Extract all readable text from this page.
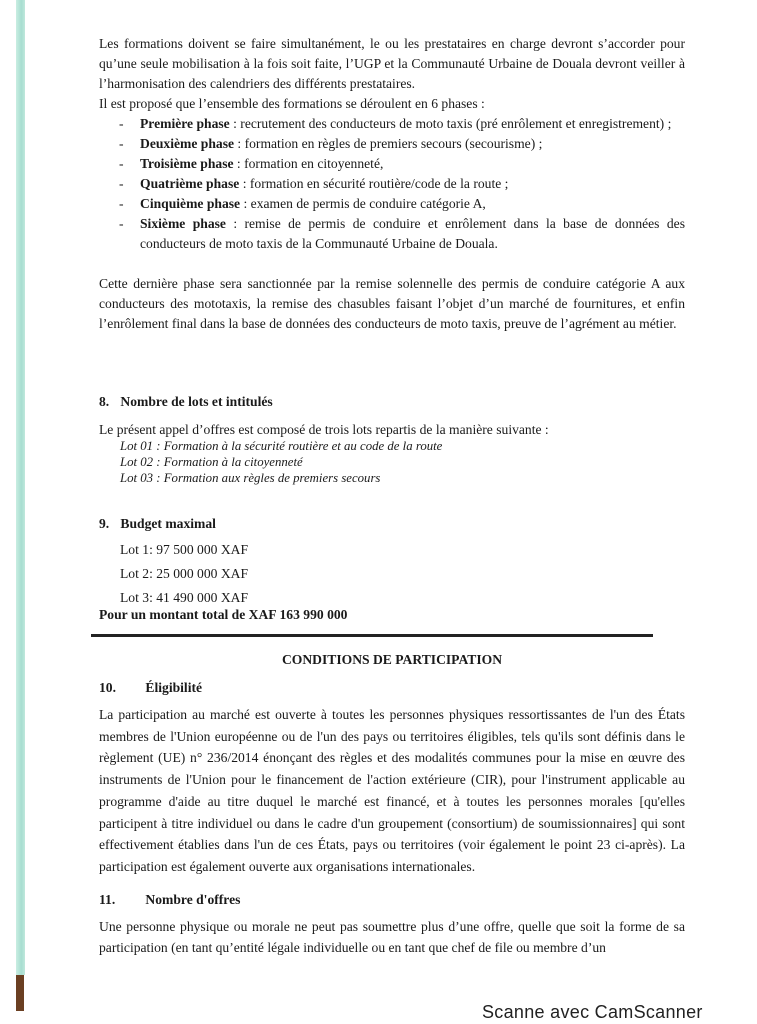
Les formations doivent se faire simultanément, le ou les prestataires en charge devront s’accorder pour qu’une seule mobilisation à la fois soit faite, l’UGP et la Communauté Urbaine de Douala devront veiller à l’harmonisation des calendriers des différents prestataires.

Il est proposé que l’ensemble des formations se déroulent en 6 phases :

- Première phase : recrutement des conducteurs de moto taxis (pré enrôlement et enregistrement) ;
- Deuxième phase : formation en règles de premiers secours (secourisme) ;
- Troisième phase : formation en citoyenneté,
- Quatrième phase : formation en sécurité routière/code de la route ;
- Cinquième phase : examen de permis de conduire catégorie A,
- Sixième phase : remise de permis de conduire et enrôlement dans la base de données des conducteurs de moto taxis de la Communauté Urbaine de Douala.

Cette dernière phase sera sanctionnée par la remise solennelle des permis de conduire catégorie A aux conducteurs des mototaxis, la remise des chasubles faisant l’objet d’un marché de fournitures, et enfin l’enrôlement final dans la base de données des conducteurs de moto taxis, preuve de l’agrément au métier.

8. Nombre de lots et intitulés

Le présent appel d’offres est composé de trois lots repartis de la manière suivante :

Lot 01 : Formation à la sécurité routière et au code de la route
Lot 02 : Formation à la citoyenneté
Lot 03 : Formation aux règles de premiers secours
9. Budget maximal
Lot 1: 97 500 000 XAF
Lot 2: 25 000 000 XAF
Lot 3: 41 490 000 XAF
Pour un montant total de XAF 163 990 000
CONDITIONS DE PARTICIPATION
10. Éligibilité

La participation au marché est ouverte à toutes les personnes physiques ressortissantes de l'un des États membres de l'Union européenne ou de l'un des pays ou territoires éligibles, tels qu'ils sont définis dans le règlement (UE) n° 236/2014 énonçant des règles et des modalités communes pour la mise en œuvre des instruments de l'Union pour le financement de l'action extérieure (CIR), pour l'instrument applicable au programme d'aide au titre duquel le marché est financé, et à toutes les personnes morales [qu'elles participent à titre individuel ou dans le cadre d'un groupement (consortium) de soumissionnaires] qui sont effectivement établies dans l'un de ces États, pays ou territoires (voir également le point 23 ci-après). La participation est également ouverte aux organisations internationales.

11. Nombre d'offres

Une personne physique ou morale ne peut pas soumettre plus d’une offre, quelle que soit la forme de sa participation (en tant qu’entité légale individuelle ou en tant que chef de file ou membre d’un

Scanne avec CamScanner
